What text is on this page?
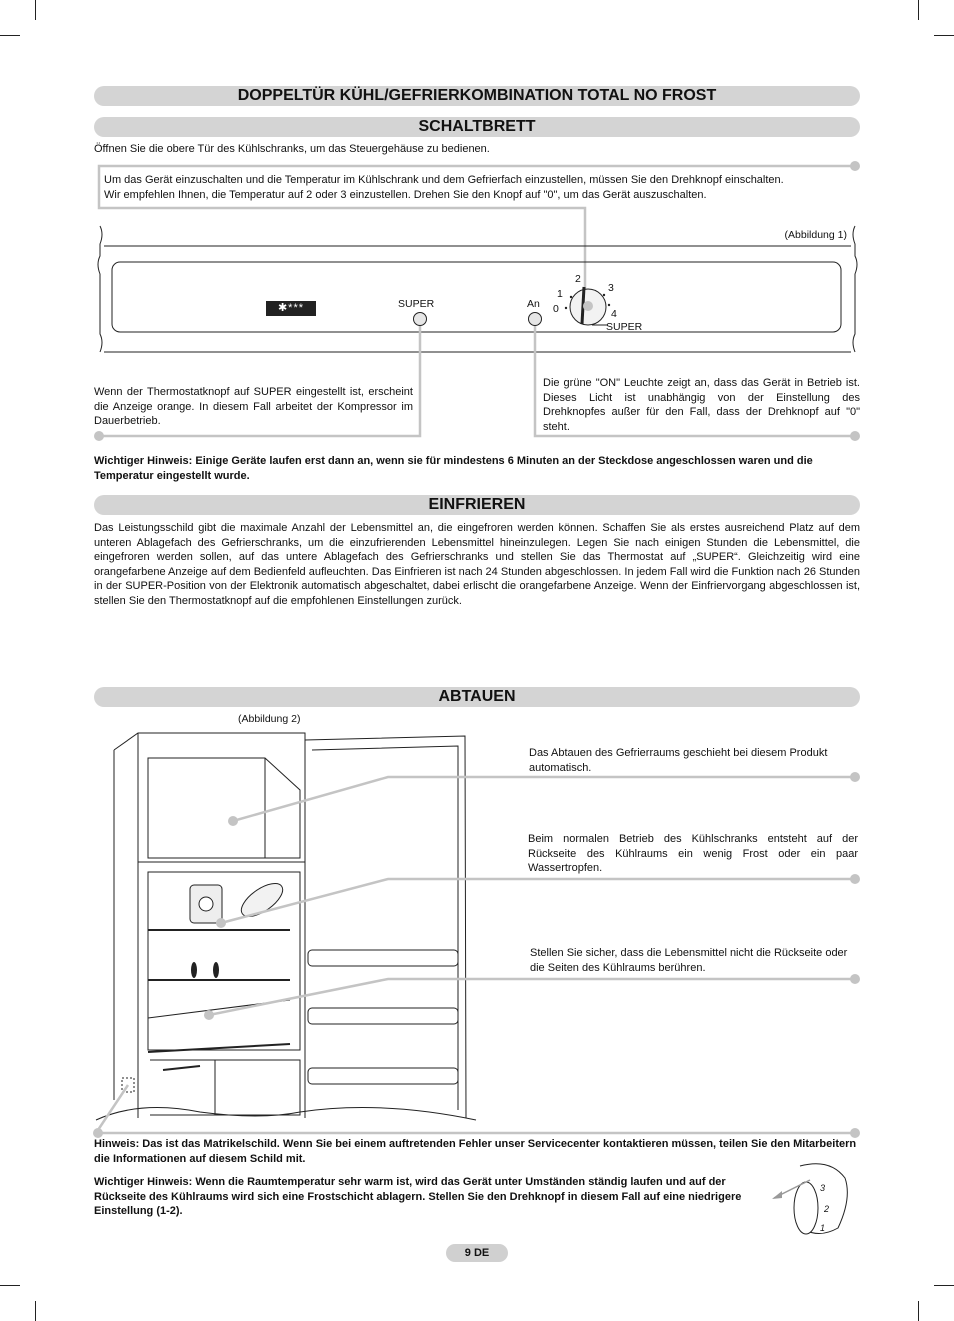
DOPPELTÜR KÜHL/GEFRIERKOMBINATION TOTAL NO FROST
SCHALTBRETT
Öffnen Sie die obere Tür des Kühlschranks, um das Steuergehäuse zu bedienen.
Um das Gerät einzuschalten und die Temperatur im Kühlschrank und dem Gefrierfach einzustellen, müssen Sie den Drehknopf einschalten.
Wir empfehlen Ihnen, die Temperatur auf 2 oder 3 einzustellen. Drehen Sie den Knopf auf "0", um das Gerät auszuschalten.
(Abbildung 1)
✱***	SUPER	An 0
1
2
3
4
SUPER
Wenn der Thermostatknopf auf SUPER eingestellt ist, erscheint die Anzeige orange. In diesem Fall arbeitet der Kompressor im Dauerbetrieb.
Die grüne "ON" Leuchte zeigt an, dass das Gerät in Betrieb ist. Dieses Licht ist unabhängig von der Einstellung des Drehknopfes außer für den Fall, dass der Drehknopf auf "0" steht.
Wichtiger Hinweis: Einige Geräte laufen erst dann an, wenn sie für mindestens 6 Minuten an der Steckdose angeschlossen waren und die Temperatur eingestellt wurde.
EINFRIEREN
Das Leistungsschild gibt die maximale Anzahl der Lebensmittel an, die eingefroren werden können. Schaffen Sie als erstes ausreichend Platz auf dem unteren Ablagefach des Gefrierschranks, um die einzufrierenden Lebensmittel hineinzulegen. Legen Sie nach einigen Stunden die Lebensmittel, die eingefroren werden sollen, auf das untere Ablagefach des Gefrierschranks und stellen Sie das Thermostat auf „SUPER“. Gleichzeitig wird eine orangefarbene Anzeige auf dem Bedienfeld aufleuchten. Das Einfrieren ist nach 24 Stunden abgeschlossen. In jedem Fall wird die Funktion nach 26 Stunden in der SUPER-Position von der Elektronik automatisch abgeschaltet, dabei erlischt die orangefarbene Anzeige. Wenn der Einfriervorgang abgeschlossen ist, stellen Sie den Thermostatknopf auf die empfohlenen Einstellungen zurück.
ABTAUEN
(Abbildung 2)
Das Abtauen des Gefrierraums geschieht bei diesem Produkt automatisch.
Beim normalen Betrieb des Kühlschranks entsteht auf der Rückseite des Kühlraums ein wenig Frost oder ein paar Wassertropfen.
Stellen Sie sicher, dass die Lebensmittel nicht die Rückseite oder die Seiten des Kühlraums berühren.
Hinweis: Das ist das Matrikelschild. Wenn Sie bei einem auftretenden Fehler unser Servicecenter kontaktieren müssen, teilen Sie den Mitarbeitern die Informationen auf diesem Schild mit.
Wichtiger Hinweis: Wenn die Raumtemperatur sehr warm ist, wird das Gerät unter Umständen ständig laufen und auf der Rückseite des Kühlraums wird sich eine Frostschicht ablagern. Stellen Sie den Drehknopf in diesem Fall auf eine niedrigere Einstellung (1-2).
3
2
1
9 DE
